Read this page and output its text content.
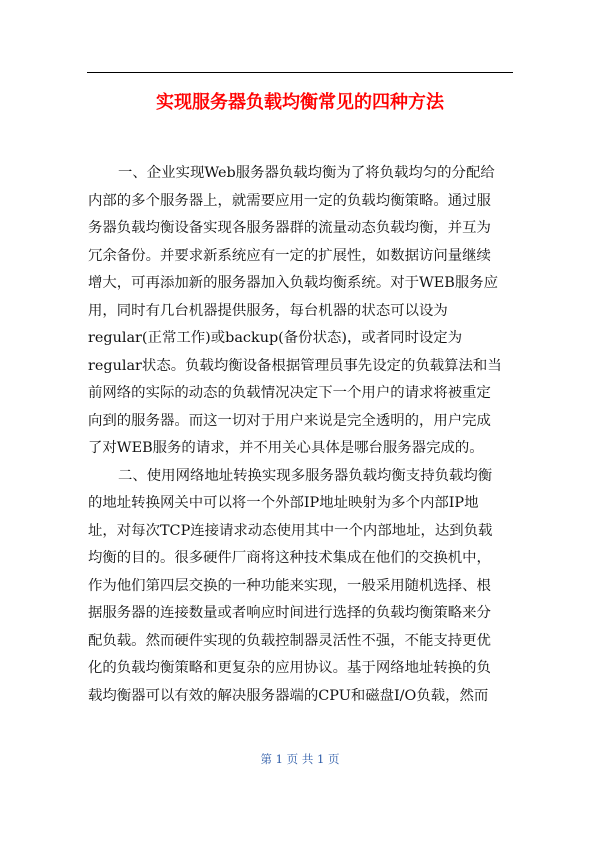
实现服务器负载均衡常见的四种方法
一、企业实现Web服务器负载均衡为了将负载均匀的分配给
内部的多个服务器上，就需要应用一定的负载均衡策略。通过服
务器负载均衡设备实现各服务器群的流量动态负载均衡，并互为
冗余备份。并要求新系统应有一定的扩展性，如数据访问量继续
增大，可再添加新的服务器加入负载均衡系统。对于WEB服务应
用，同时有几台机器提供服务，每台机器的状态可以设为
regular(正常工作)或backup(备份状态)，或者同时设定为
regular状态。负载均衡设备根据管理员事先设定的负载算法和当
前网络的实际的动态的负载情况决定下一个用户的请求将被重定
向到的服务器。而这一切对于用户来说是完全透明的，用户完成
了对WEB服务的请求，并不用关心具体是哪台服务器完成的。
二、使用网络地址转换实现多服务器负载均衡支持负载均衡
的地址转换网关中可以将一个外部IP地址映射为多个内部IP地
址，对每次TCP连接请求动态使用其中一个内部地址，达到负载
均衡的目的。很多硬件厂商将这种技术集成在他们的交换机中，
作为他们第四层交换的一种功能来实现，一般采用随机选择、根
据服务器的连接数量或者响应时间进行选择的负载均衡策略来分
配负载。然而硬件实现的负载控制器灵活性不强，不能支持更优
化的负载均衡策略和更复杂的应用协议。基于网络地址转换的负
载均衡器可以有效的解决服务器端的CPU和磁盘I/O负载，然而
第 1 页 共 1 页
